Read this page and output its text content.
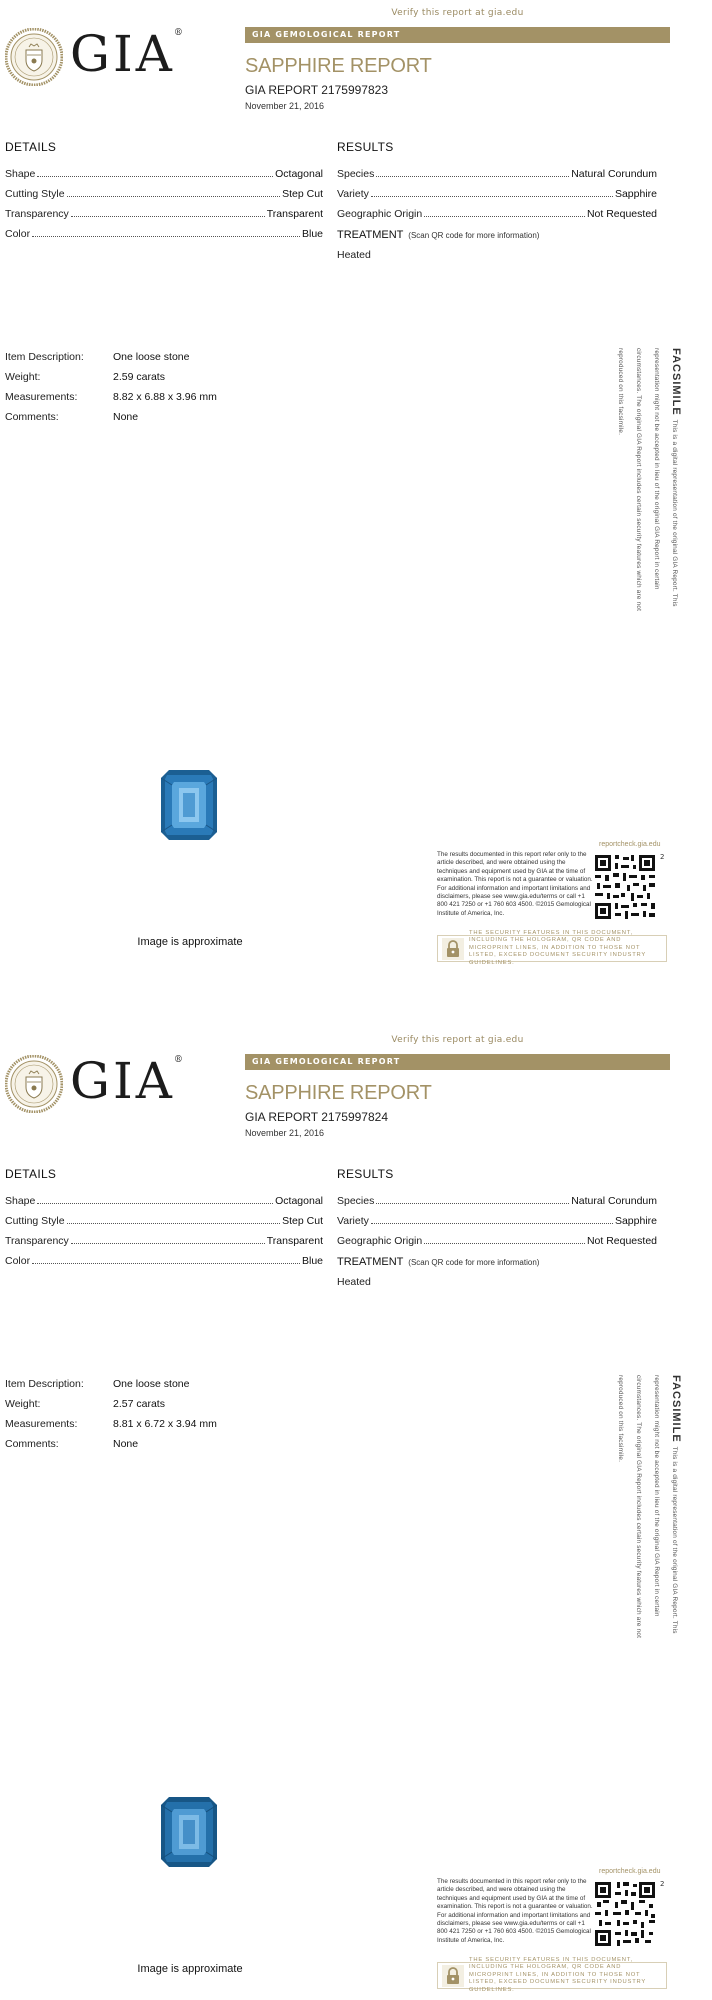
Verify this report at gia.edu
GIA ®	GIA GEMOLOGICAL REPORT
SAPPHIRE REPORT
GIA REPORT 2175997823
November 21, 2016
DETAILS
Shape	Octagonal
Cutting Style	Step Cut
Transparency	Transparent
Color	Blue
RESULTS
Species	Natural Corundum
Variety	Sapphire
Geographic Origin	Not Requested
TREATMENT (Scan QR code for more information)
Heated
Item Description:	One loose stone
Weight:	2.59 carats
Measurements:	8.82 x 6.88 x 3.96 mm
Comments:	None
FACSIMILEThis is a digital representation of the original GIA Report. This representation might not be accepted in lieu of the original GIA Report in certain circumstances. The original GIA Report includes certain security features which are not reproduced on this facsimile.
Image is approximate
The results documented in this report refer only to the article described, and were obtained using the techniques and equipment used by GIA at the time of examination. This report is not a guarantee or valuation. For additional information and important limitations and disclaimers, please see www.gia.edu/terms or call +1 800 421 7250 or +1 760 603 4500. ©2015 Gemological Institute of America, Inc.
reportcheck.gia.edu
2
THE SECURITY FEATURES IN THIS DOCUMENT, INCLUDING THE HOLOGRAM, QR CODE AND MICROPRINT LINES, IN ADDITION TO THOSE NOT LISTED, EXCEED DOCUMENT SECURITY INDUSTRY GUIDELINES.
Verify this report at gia.edu
GIA ®	GIA GEMOLOGICAL REPORT
SAPPHIRE REPORT
GIA REPORT 2175997824
November 21, 2016
DETAILS
Shape	Octagonal
Cutting Style	Step Cut
Transparency	Transparent
Color	Blue
RESULTS
Species	Natural Corundum
Variety	Sapphire
Geographic Origin	Not Requested
TREATMENT (Scan QR code for more information)
Heated
Item Description:	One loose stone
Weight:	2.57 carats
Measurements:	8.81 x 6.72 x 3.94 mm
Comments:	None
FACSIMILEThis is a digital representation of the original GIA Report. This representation might not be accepted in lieu of the original GIA Report in certain circumstances. The original GIA Report includes certain security features which are not reproduced on this facsimile.
Image is approximate
The results documented in this report refer only to the article described, and were obtained using the techniques and equipment used by GIA at the time of examination. This report is not a guarantee or valuation. For additional information and important limitations and disclaimers, please see www.gia.edu/terms or call +1 800 421 7250 or +1 760 603 4500. ©2015 Gemological Institute of America, Inc.
reportcheck.gia.edu
2
THE SECURITY FEATURES IN THIS DOCUMENT, INCLUDING THE HOLOGRAM, QR CODE AND MICROPRINT LINES, IN ADDITION TO THOSE NOT LISTED, EXCEED DOCUMENT SECURITY INDUSTRY GUIDELINES.
